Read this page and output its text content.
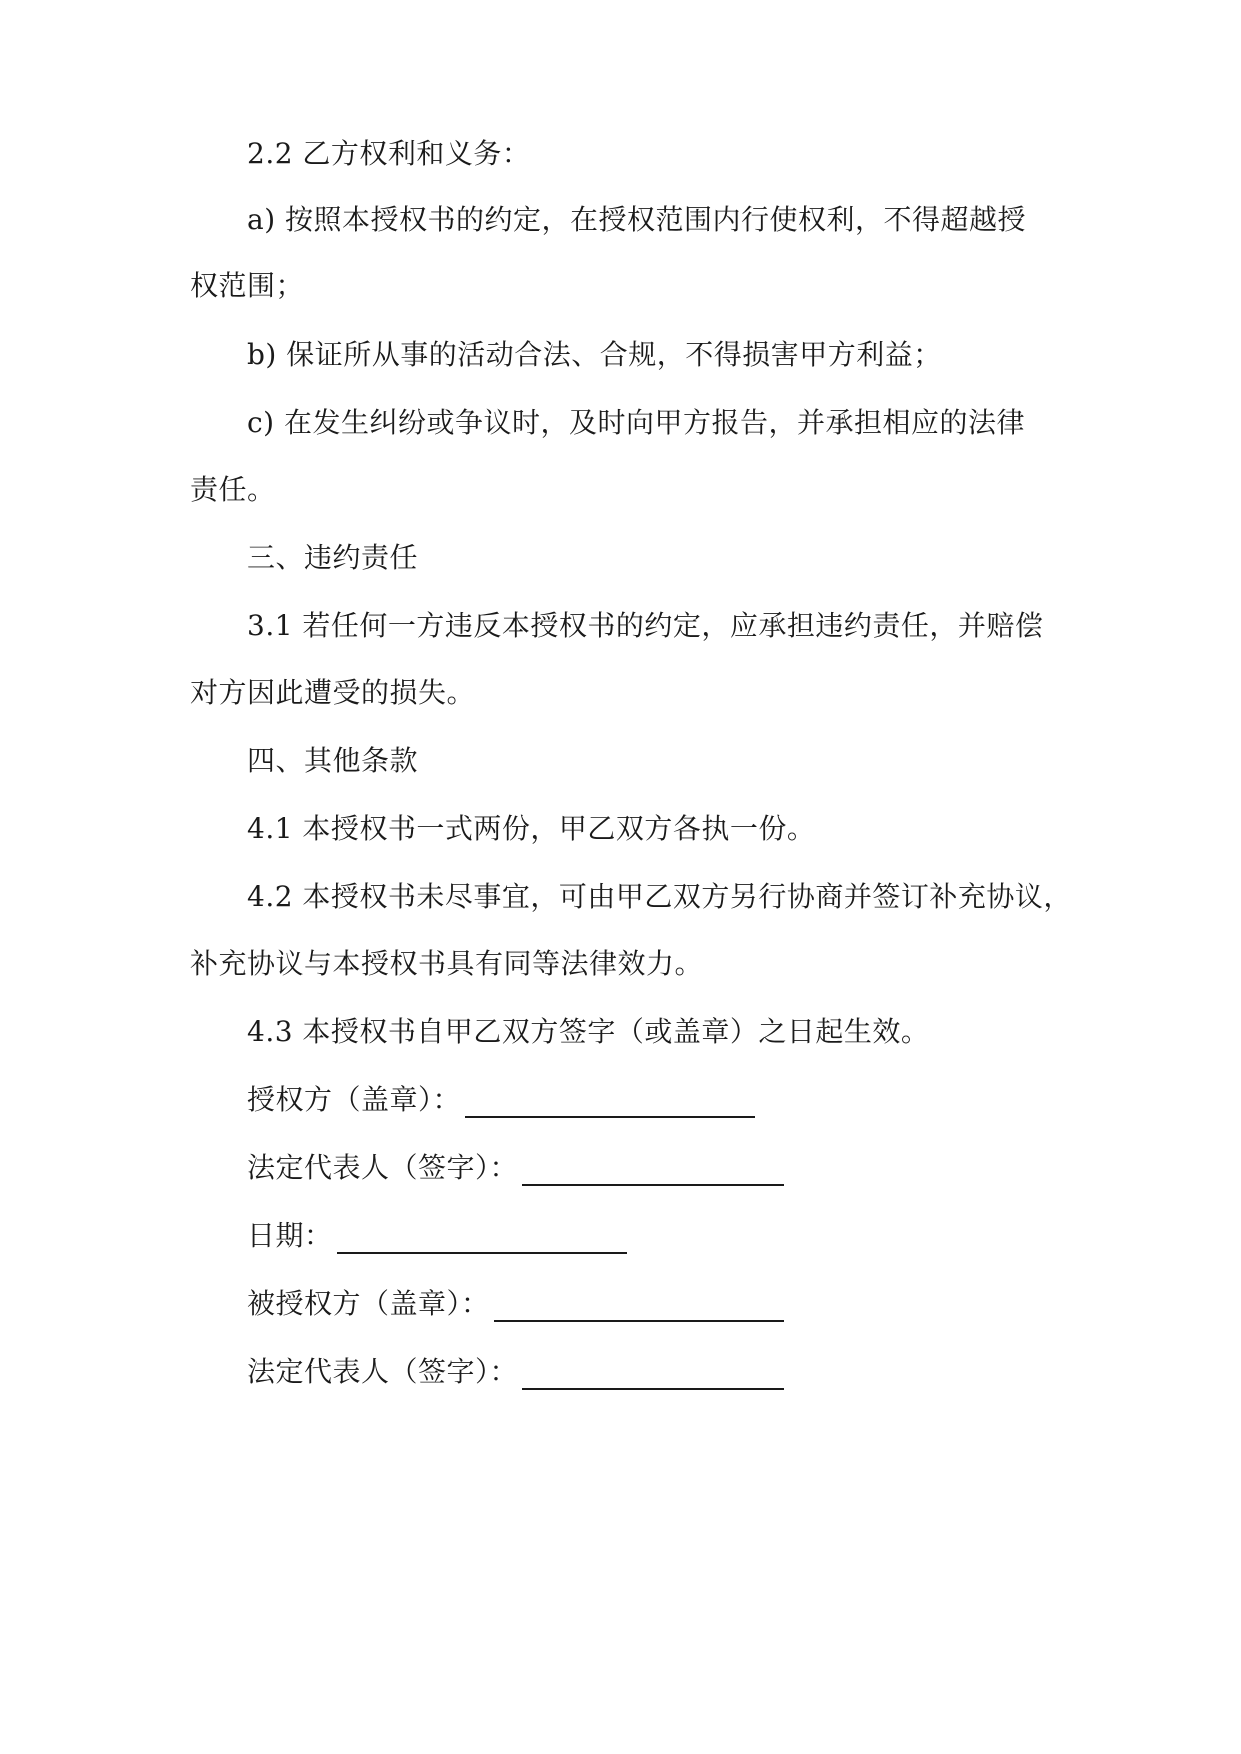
2.2 乙方权利和义务：
a) 按照本授权书的约定，在授权范围内行使权利，不得超越授
权范围；
b) 保证所从事的活动合法、合规，不得损害甲方利益；
c) 在发生纠纷或争议时，及时向甲方报告，并承担相应的法律
责任。
三、违约责任
3.1 若任何一方违反本授权书的约定，应承担违约责任，并赔偿
对方因此遭受的损失。
四、其他条款
4.1 本授权书一式两份，甲乙双方各执一份。
4.2 本授权书未尽事宜，可由甲乙双方另行协商并签订补充协议，
补充协议与本授权书具有同等法律效力。
4.3 本授权书自甲乙双方签字（或盖章）之日起生效。
授权方（盖章）：
法定代表人（签字）：
日期：
被授权方（盖章）：
法定代表人（签字）：
